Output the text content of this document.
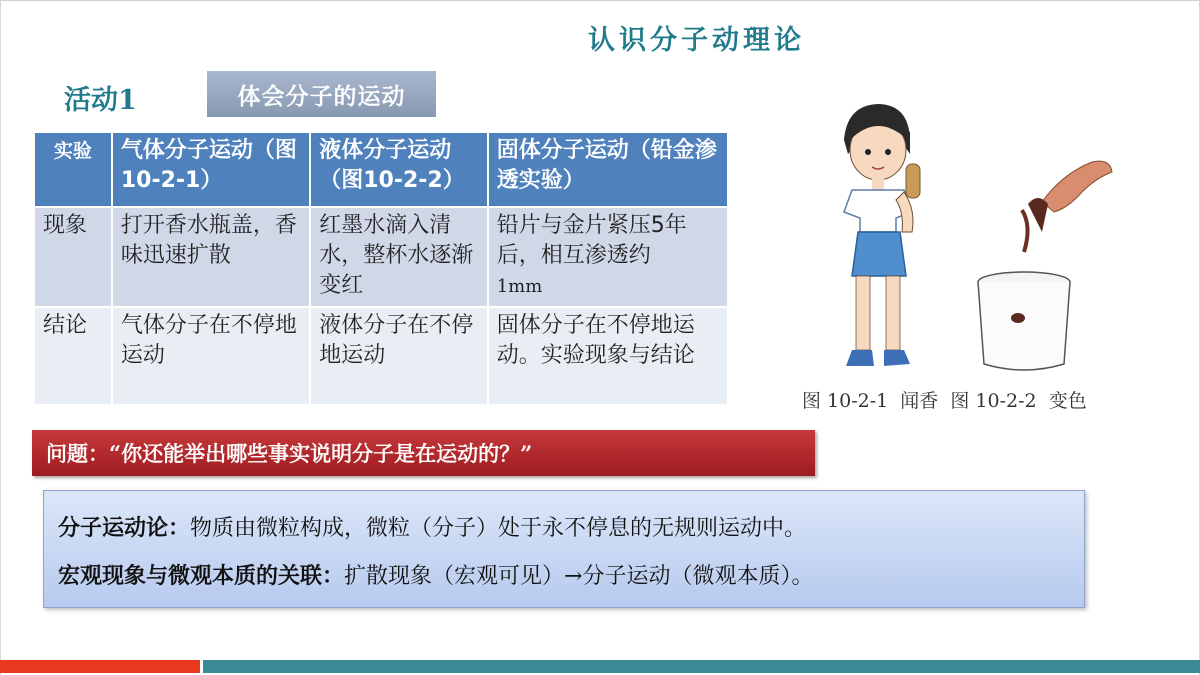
认识分子动理论
活动1	体会分子的运动
实验	气体分子运动（图10-2-1）	液体分子运动（图10-2-2）	固体分子运动（铅金渗透实验）
现象	打开香水瓶盖，香味迅速扩散	红墨水滴入清水，整杯水逐渐变红	铅片与金片紧压5年后，相互渗透约
1mm
结论	气体分子在不停地运动	液体分子在不停地运动	固体分子在不停地运动。实验现象与结论
图 10-2-1  闻香  图 10-2-2  变色
问题：“你还能举出哪些事实说明分子是在运动的？”
分子运动论：物质由微粒构成，微粒（分子）处于永不停息的无规则运动中。
宏观现象与微观本质的关联：扩散现象（宏观可见）→分子运动（微观本质）。
